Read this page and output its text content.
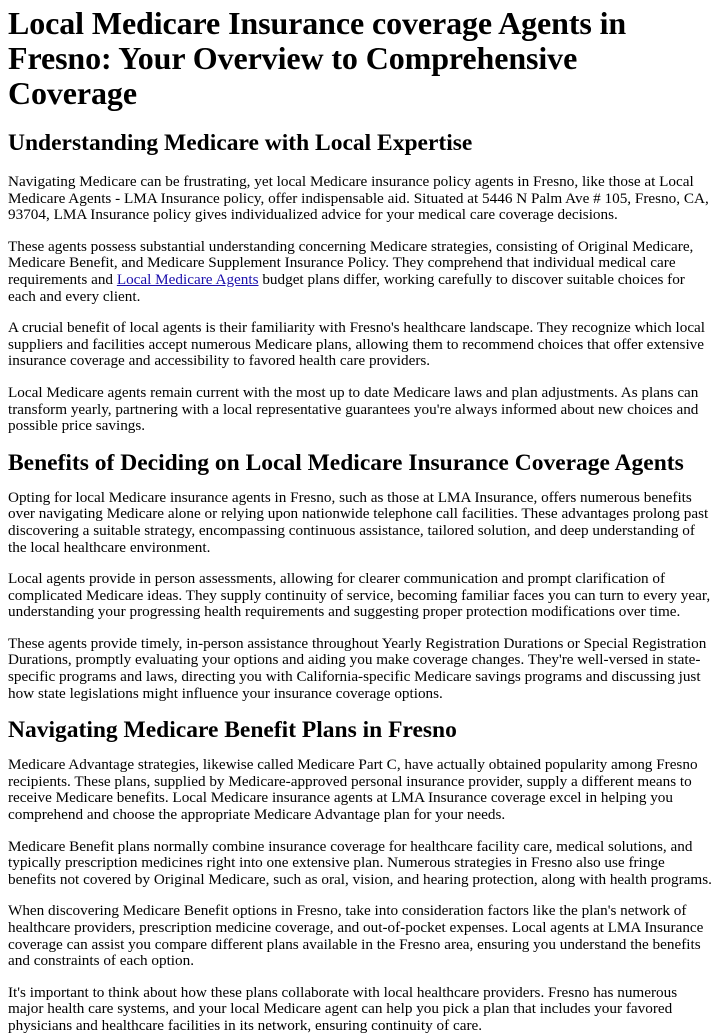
Local Medicare Insurance coverage Agents in Fresno: Your Overview to Comprehensive Coverage
Understanding Medicare with Local Expertise

Navigating Medicare can be frustrating, yet local Medicare insurance policy agents in Fresno, like those at Local Medicare Agents - LMA Insurance policy, offer indispensable aid. Situated at 5446 N Palm Ave # 105, Fresno, CA, 93704, LMA Insurance policy gives individualized advice for your medical care coverage decisions.

These agents possess substantial understanding concerning Medicare strategies, consisting of Original Medicare, Medicare Benefit, and Medicare Supplement Insurance Policy. They comprehend that individual medical care requirements and Local Medicare Agents budget plans differ, working carefully to discover suitable choices for each and every client.

A crucial benefit of local agents is their familiarity with Fresno's healthcare landscape. They recognize which local suppliers and facilities accept numerous Medicare plans, allowing them to recommend choices that offer extensive insurance coverage and accessibility to favored health care providers.

Local Medicare agents remain current with the most up to date Medicare laws and plan adjustments. As plans can transform yearly, partnering with a local representative guarantees you're always informed about new choices and possible price savings.

Benefits of Deciding on Local Medicare Insurance Coverage Agents

Opting for local Medicare insurance agents in Fresno, such as those at LMA Insurance, offers numerous benefits over navigating Medicare alone or relying upon nationwide telephone call facilities. These advantages prolong past discovering a suitable strategy, encompassing continuous assistance, tailored solution, and deep understanding of the local healthcare environment.

Local agents provide in person assessments, allowing for clearer communication and prompt clarification of complicated Medicare ideas. They supply continuity of service, becoming familiar faces you can turn to every year, understanding your progressing health requirements and suggesting proper protection modifications over time.

These agents provide timely, in-person assistance throughout Yearly Registration Durations or Special Registration Durations, promptly evaluating your options and aiding you make coverage changes. They're well-versed in state-specific programs and laws, directing you with California-specific Medicare savings programs and discussing just how state legislations might influence your insurance coverage options.

Navigating Medicare Benefit Plans in Fresno

Medicare Advantage strategies, likewise called Medicare Part C, have actually obtained popularity among Fresno recipients. These plans, supplied by Medicare-approved personal insurance provider, supply a different means to receive Medicare benefits. Local Medicare insurance agents at LMA Insurance coverage excel in helping you comprehend and choose the appropriate Medicare Advantage plan for your needs.

Medicare Benefit plans normally combine insurance coverage for healthcare facility care, medical solutions, and typically prescription medicines right into one extensive plan. Numerous strategies in Fresno also use fringe benefits not covered by Original Medicare, such as oral, vision, and hearing protection, along with health programs.

When discovering Medicare Benefit options in Fresno, take into consideration factors like the plan's network of healthcare providers, prescription medicine coverage, and out-of-pocket expenses. Local agents at LMA Insurance coverage can assist you compare different plans available in the Fresno area, ensuring you understand the benefits and constraints of each option.

It's important to think about how these plans collaborate with local healthcare providers. Fresno has numerous major health care systems, and your local Medicare agent can help you pick a plan that includes your favored physicians and healthcare facilities in its network, ensuring continuity of care.
